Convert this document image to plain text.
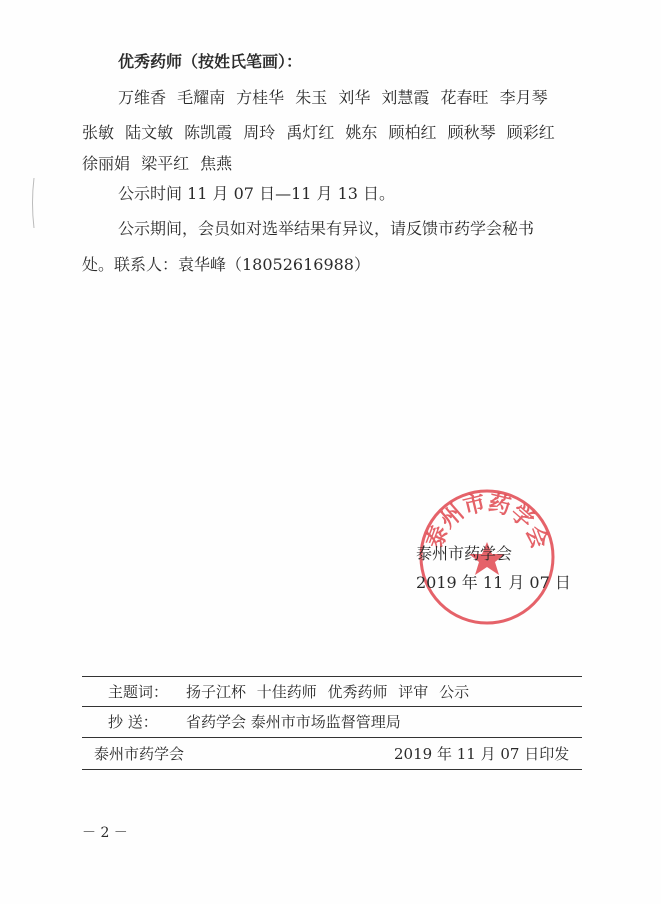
优秀药师（按姓氏笔画）：
万维香 毛耀南 方桂华 朱玉 刘华 刘慧霞 花春旺 李月琴
张敏 陆文敏 陈凯霞 周玲 禹灯红 姚东 顾柏红 顾秋琴 顾彩红
徐丽娟 梁平红 焦燕
公示时间 11 月 07 日—11 月 13 日。
公示期间，会员如对选举结果有异议，请反馈市药学会秘书
处。联系人：袁华峰（18052616988）
泰州市药学会
泰州市药学会
2019 年 11 月 07 日
主题词： 扬子江杯 十佳药师 优秀药师 评审 公示
抄 送： 省药学会 泰州市市场监督管理局
泰州市药学会	2019 年 11 月 07 日印发
－ 2 －
